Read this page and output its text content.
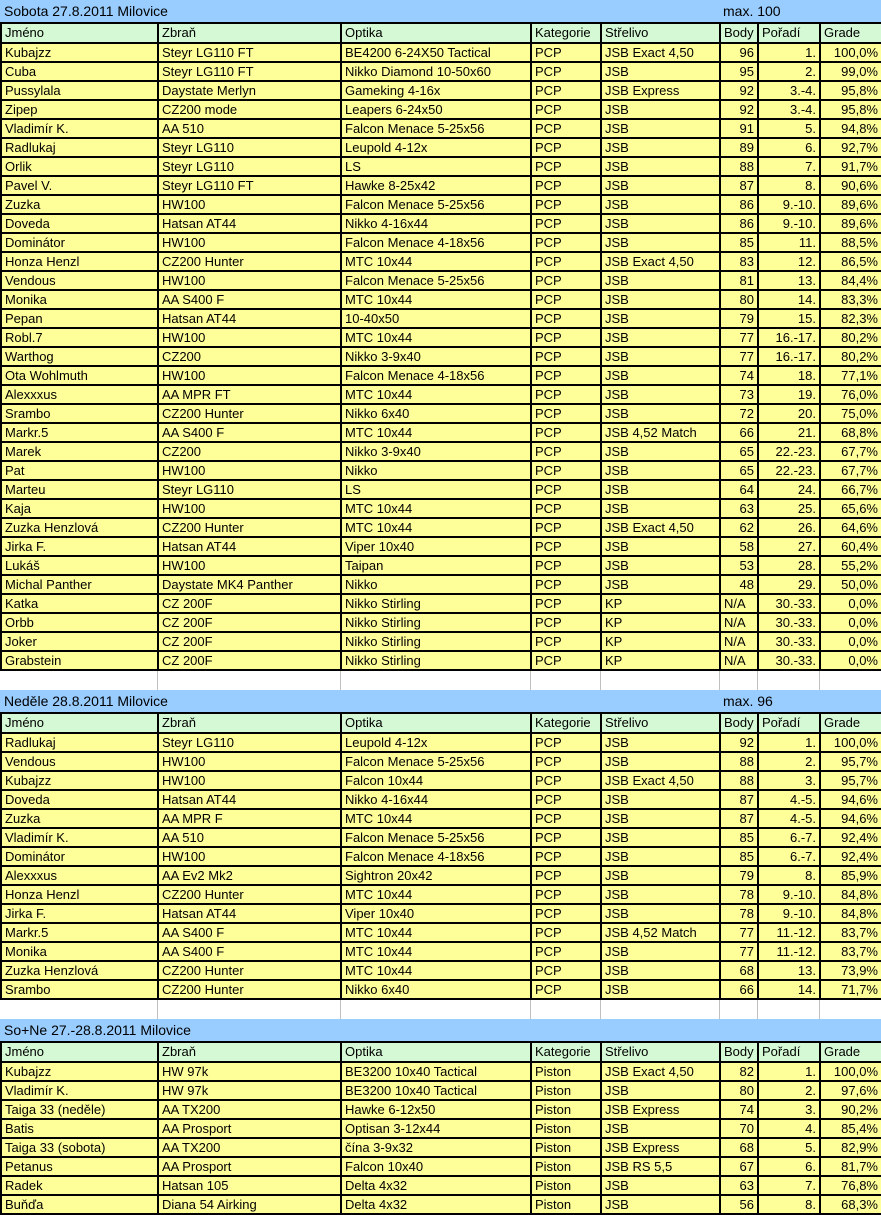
Sobota 27.8.2011 Milovice	max. 100
Jméno	Zbraň	Optika	Kategorie	Střelivo	Body	Pořadí	Grade
Kubajzz	Steyr LG110 FT	BE4200 6-24X50 Tactical	PCP	JSB Exact 4,50	96	1.	100,0%
Cuba	Steyr LG110 FT	Nikko Diamond 10-50x60	PCP	JSB	95	2.	99,0%
Pussylala	Daystate Merlyn	Gameking 4-16x	PCP	JSB Express	92	3.-4.	95,8%
Zipep	CZ200 mode	Leapers 6-24x50	PCP	JSB	92	3.-4.	95,8%
Vladimír K.	AA 510	Falcon Menace 5-25x56	PCP	JSB	91	5.	94,8%
Radlukaj	Steyr LG110	Leupold 4-12x	PCP	JSB	89	6.	92,7%
Orlik	Steyr LG110	LS	PCP	JSB	88	7.	91,7%
Pavel V.	Steyr LG110 FT	Hawke 8-25x42	PCP	JSB	87	8.	90,6%
Zuzka	HW100	Falcon Menace 5-25x56	PCP	JSB	86	9.-10.	89,6%
Doveda	Hatsan AT44	Nikko 4-16x44	PCP	JSB	86	9.-10.	89,6%
Dominátor	HW100	Falcon Menace 4-18x56	PCP	JSB	85	11.	88,5%
Honza Henzl	CZ200 Hunter	MTC 10x44	PCP	JSB Exact 4,50	83	12.	86,5%
Vendous	HW100	Falcon Menace 5-25x56	PCP	JSB	81	13.	84,4%
Monika	AA S400 F	MTC 10x44	PCP	JSB	80	14.	83,3%
Pepan	Hatsan AT44	10-40x50	PCP	JSB	79	15.	82,3%
Robl.7	HW100	MTC 10x44	PCP	JSB	77	16.-17.	80,2%
Warthog	CZ200	Nikko 3-9x40	PCP	JSB	77	16.-17.	80,2%
Ota Wohlmuth	HW100	Falcon Menace 4-18x56	PCP	JSB	74	18.	77,1%
Alexxxus	AA MPR FT	MTC 10x44	PCP	JSB	73	19.	76,0%
Srambo	CZ200 Hunter	Nikko 6x40	PCP	JSB	72	20.	75,0%
Markr.5	AA S400 F	MTC 10x44	PCP	JSB 4,52 Match	66	21.	68,8%
Marek	CZ200	Nikko 3-9x40	PCP	JSB	65	22.-23.	67,7%
Pat	HW100	Nikko	PCP	JSB	65	22.-23.	67,7%
Marteu	Steyr LG110	LS	PCP	JSB	64	24.	66,7%
Kaja	HW100	MTC 10x44	PCP	JSB	63	25.	65,6%
Zuzka Henzlová	CZ200 Hunter	MTC 10x44	PCP	JSB Exact 4,50	62	26.	64,6%
Jirka F.	Hatsan AT44	Viper 10x40	PCP	JSB	58	27.	60,4%
Lukáš	HW100	Taipan	PCP	JSB	53	28.	55,2%
Michal Panther	Daystate MK4 Panther	Nikko	PCP	JSB	48	29.	50,0%
Katka	CZ 200F	Nikko Stirling	PCP	KP	N/A	30.-33.	0,0%
Orbb	CZ 200F	Nikko Stirling	PCP	KP	N/A	30.-33.	0,0%
Joker	CZ 200F	Nikko Stirling	PCP	KP	N/A	30.-33.	0,0%
Grabstein	CZ 200F	Nikko Stirling	PCP	KP	N/A	30.-33.	0,0%
Neděle 28.8.2011 Milovice	max. 96
Jméno	Zbraň	Optika	Kategorie	Střelivo	Body	Pořadí	Grade
Radlukaj	Steyr LG110	Leupold 4-12x	PCP	JSB	92	1.	100,0%
Vendous	HW100	Falcon Menace 5-25x56	PCP	JSB	88	2.	95,7%
Kubajzz	HW100	Falcon 10x44	PCP	JSB Exact 4,50	88	3.	95,7%
Doveda	Hatsan AT44	Nikko 4-16x44	PCP	JSB	87	4.-5.	94,6%
Zuzka	AA MPR F	MTC 10x44	PCP	JSB	87	4.-5.	94,6%
Vladimír K.	AA 510	Falcon Menace 5-25x56	PCP	JSB	85	6.-7.	92,4%
Dominátor	HW100	Falcon Menace 4-18x56	PCP	JSB	85	6.-7.	92,4%
Alexxxus	AA Ev2 Mk2	Sightron 20x42	PCP	JSB	79	8.	85,9%
Honza Henzl	CZ200 Hunter	MTC 10x44	PCP	JSB	78	9.-10.	84,8%
Jirka F.	Hatsan AT44	Viper 10x40	PCP	JSB	78	9.-10.	84,8%
Markr.5	AA S400 F	MTC 10x44	PCP	JSB 4,52 Match	77	11.-12.	83,7%
Monika	AA S400 F	MTC 10x44	PCP	JSB	77	11.-12.	83,7%
Zuzka Henzlová	CZ200 Hunter	MTC 10x44	PCP	JSB	68	13.	73,9%
Srambo	CZ200 Hunter	Nikko 6x40	PCP	JSB	66	14.	71,7%
So+Ne 27.-28.8.2011 Milovice
Jméno	Zbraň	Optika	Kategorie	Střelivo	Body	Pořadí	Grade
Kubajzz	HW 97k	BE3200 10x40 Tactical	Piston	JSB Exact 4,50	82	1.	100,0%
Vladimír K.	HW 97k	BE3200 10x40 Tactical	Piston	JSB	80	2.	97,6%
Taiga 33 (neděle)	AA TX200	Hawke 6-12x50	Piston	JSB Express	74	3.	90,2%
Batis	AA Prosport	Optisan 3-12x44	Piston	JSB	70	4.	85,4%
Taiga 33 (sobota)	AA TX200	čína 3-9x32	Piston	JSB Express	68	5.	82,9%
Petanus	AA Prosport	Falcon 10x40	Piston	JSB RS 5,5	67	6.	81,7%
Radek	Hatsan 105	Delta 4x32	Piston	JSB	63	7.	76,8%
Buňďa	Diana 54 Airking	Delta 4x32	Piston	JSB	56	8.	68,3%
